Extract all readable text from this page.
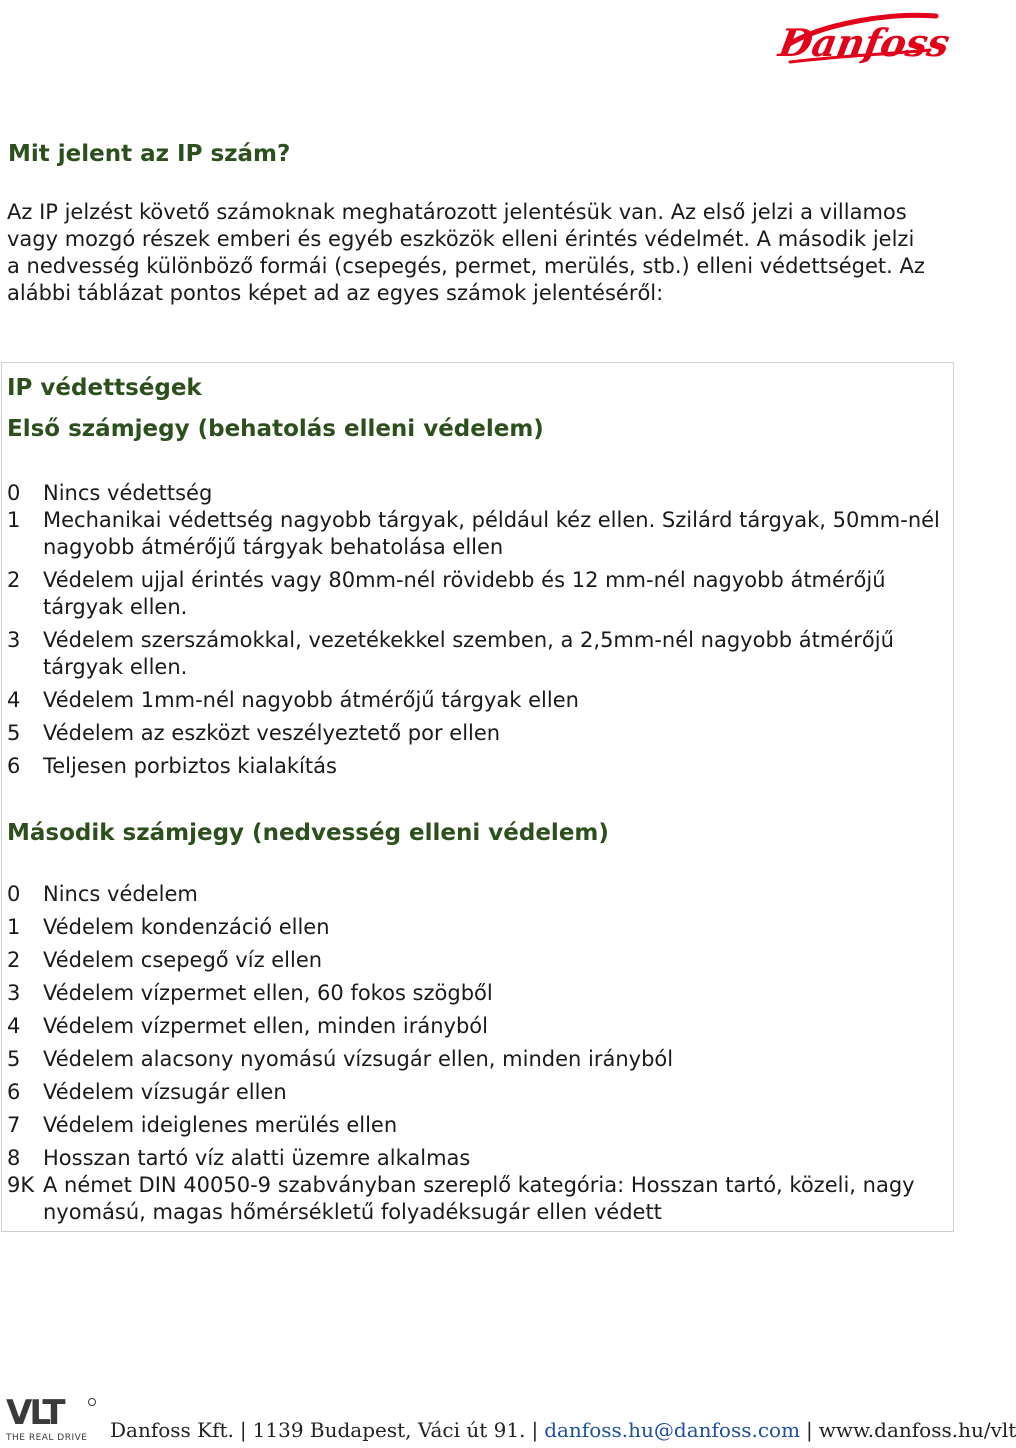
Danfoss
Mit jelent az IP szám?

Az IP jelzést követő számoknak meghatározott jelentésük van. Az első jelzi a villamos vagy mozgó részek emberi és egyéb eszközök elleni érintés védelmét. A második jelzi a nedvesség különböző formái (csepegés, permet, merülés, stb.) elleni védettséget. Az alábbi táblázat pontos képet ad az egyes számok jelentéséről:

IP védettségek
Első számjegy (behatolás elleni védelem)
0	Nincs védettség
1	Mechanikai védettség nagyobb tárgyak, például kéz ellen. Szilárd tárgyak, 50mm-nél nagyobb átmérőjű tárgyak behatolása ellen
2	Védelem ujjal érintés vagy 80mm-nél rövidebb és 12 mm-nél nagyobb átmérőjű tárgyak ellen.
3	Védelem szerszámokkal, vezetékekkel szemben, a 2,5mm-nél nagyobb átmérőjű tárgyak ellen.
4	Védelem 1mm-nél nagyobb átmérőjű tárgyak ellen
5	Védelem az eszközt veszélyeztető por ellen
6	Teljesen porbiztos kialakítás
Második számjegy (nedvesség elleni védelem)
0	Nincs védelem
1	Védelem kondenzáció ellen
2	Védelem csepegő víz ellen
3	Védelem vízpermet ellen, 60 fokos szögből
4	Védelem vízpermet ellen, minden irányból
5	Védelem alacsony nyomású vízsugár ellen, minden irányból
6	Védelem vízsugár ellen
7	Védelem ideiglenes merülés ellen
8	Hosszan tartó víz alatti üzemre alkalmas
9K A német DIN 40050-9 szabványban szereplő kategória: Hosszan tartó, közeli, nagy nyomású, magas hőmérsékletű folyadéksugár ellen védett
VLT
THE REAL DRIVE Danfoss Kft. | 1139 Budapest, Váci út 91. | danfoss.hu@danfoss.com | www.danfoss.hu/vlt
